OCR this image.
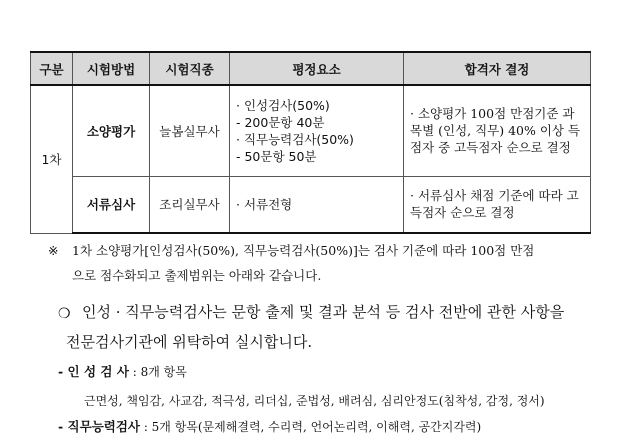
구분	시험방법	시험직종	평정요소	합격자 결정
1차	소양평가	늘봄실무사	· 인성검사(50%)
- 200문항 40분
· 직무능력검사(50%)
- 50문항 50분	· 소양평가 100점 만점기준 과목별 (인성, 직무) 40% 이상 득점자 중 고득점자 순으로 결정
	서류심사	조리실무사	· 서류전형	· 서류심사 채점 기준에 따라 고득점자 순으로 결정
※	1차 소양평가[인성검사(50%), 직무능력검사(50%)]는 검사 기준에 따라 100점 만점
으로 점수화되고 출제범위는 아래와 같습니다.
❍ 인성 · 직무능력검사는 문항 출제 및 결과 분석 등 검사 전반에 관한 사항을
전문검사기관에 위탁하여 실시합니다.
- 인 성 검 사 : 8개 항목
근면성, 책임감, 사교감, 적극성, 리더십, 준법성, 배려심, 심리안정도(침착성, 감정, 정서)
- 직무능력검사 : 5개 항목(문제해결력, 수리력, 언어논리력, 이해력, 공간지각력)
